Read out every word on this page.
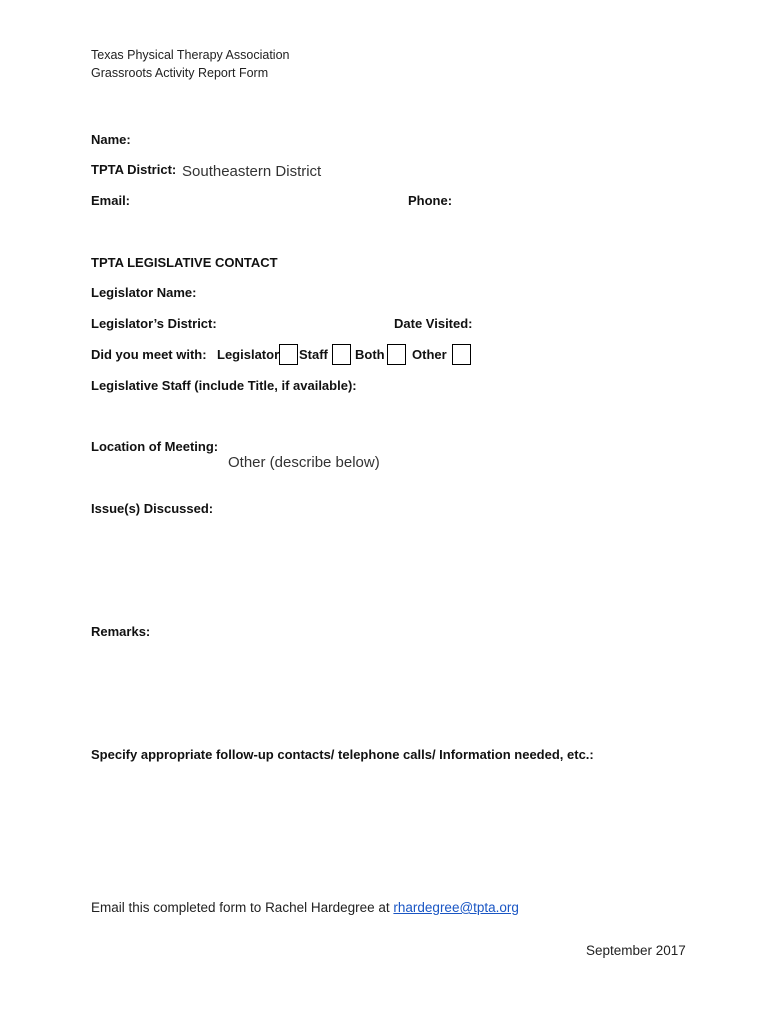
Texas Physical Therapy Association
Grassroots Activity Report Form
Name:
TPTA District: Southeastern District
Email:	Phone:
TPTA LEGISLATIVE CONTACT
Legislator Name:
Legislator’s District:	Date Visited:
Did you meet with: Legislator Staff Both Other
Legislative Staff (include Title, if available):
Location of Meeting:
Other (describe below)
Issue(s) Discussed:
Remarks:
Specify appropriate follow-up contacts/ telephone calls/ Information needed, etc.:
Email this completed form to Rachel Hardegree at rhardegree@tpta.org
September 2017
